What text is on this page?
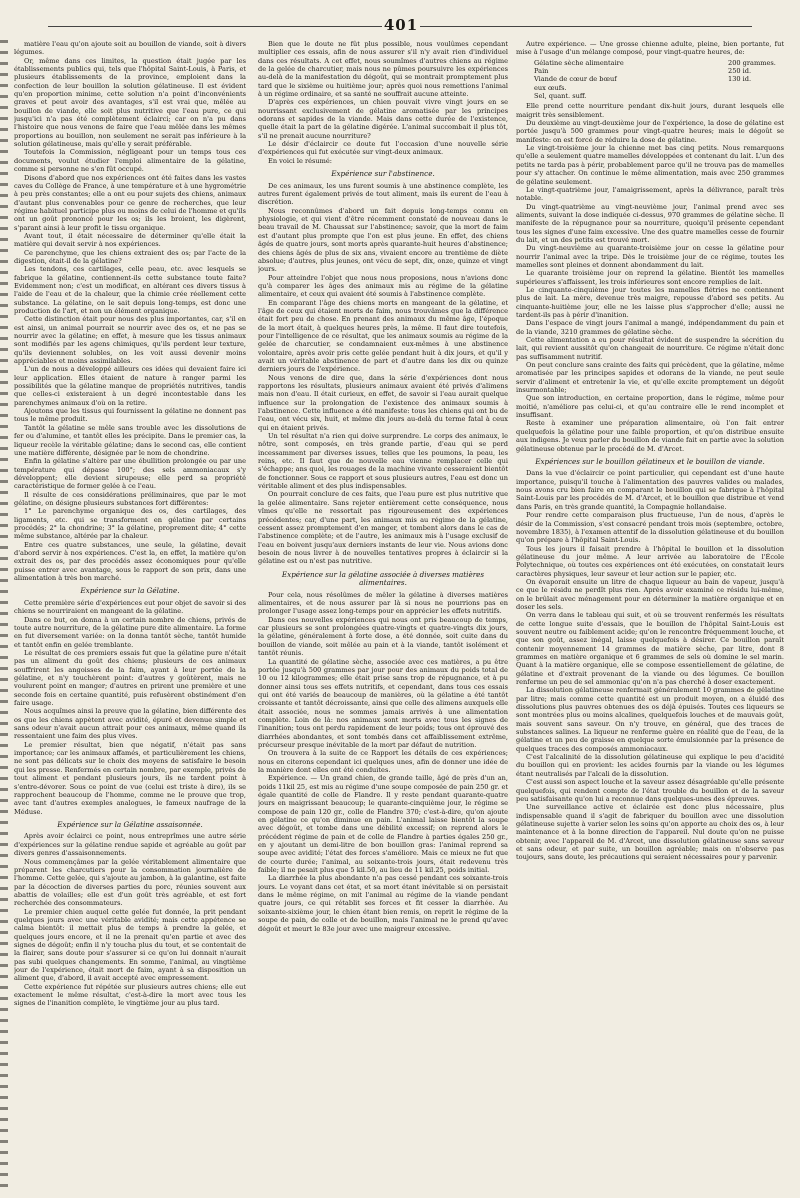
401

matière l'eau qu'on ajoute soit au bouillon de viande, soit à divers légumes.

Or, même dans ces limites, la question était jugée par les établissements publics qui, tels que l'hôpital Saint-Louis, à Paris, et plusieurs établissements de la province, emploient dans la confection de leur bouillon la solution gélatineuse. Il est évident qu'en proportion minime, cette solution n'a point d'inconvénients graves et peut avoir des avantages, s'il est vrai que, mêlée au bouillon de viande, elle soit plus nutritive que l'eau pure, ce qui jusqu'ici n'a pas été complètement éclairci; car on n'a pu dans l'histoire que nous venons de faire que l'eau mêlée dans les mêmes proportions au bouillon, non seulement ne serait pas inférieure à la solution gélatineuse, mais qu'elle y serait préférable.

Toutefois la Commission, négligeant pour un temps tous ces documents, voulut étudier l'emploi alimentaire de la gélatine, comme si personne ne s'en fût occupé.

Disons d'abord que nos expériences ont été faites dans les vastes caves du Collège de France, à une température et à une hygrométrie à peu près constantes; elle a ont eu pour sujets des chiens, animaux d'autant plus convenables pour ce genre de recherches, que leur régime habituel participe plus ou moins de celui de l'homme et qu'ils ont un goût prononcé pour les os; ils les broient, les digèrent, s'parant ainsi à leur profit le tissu organique.

Avant tout, il était nécessaire de déterminer qu'elle était la matière qui devait servir à nos expériences.

Ce parenchyme, que les chiens extraient des os; par l'acte de la digestion, était-il de la gélatine?

Les tendons, ces cartilages, celle peau, etc. avec lesquels se fabrique la gélatine, contiennent-ils cette substance toute faite? Evidemment non; c'est un modificat, en altérant ces divers tissus à l'aide de l'eau et de la chaleur, que la chimie crée réellement cette substance. La gélatine, on le sait depuis long-temps, est donc une production de l'art, et non un élément organique.

Cette distinction était pour nous des plus importantes, car, s'il en est ainsi, un animal pourrait se nourrir avec des os, et ne pas se nourrir avec la gélatine; en effet, à mesure que les tissus animaux sont modifiés par les agens chimiques, qu'ils perdent leur texture, qu'ils deviennent solubles, on les voit aussi devenir moins appréciables et moins assimilables.

L'un de nous a développé ailleurs ces idées qui devaient faire ici leur application. Elles étaient de nature à ranger parmi les possibilités que la gélatine manque de propriétés nutritives, tandis que celles-ci existeraient à un degré incontestable dans les parenchymes animaux d'où on la retire.

Ajoutons que les tissus qui fournissent la gélatine ne donnent pas tous le même produit.

Tantôt la gélatine se mêle sans trouble avec les dissolutions de fer ou d'alumine, et tantôt elles les précipite. Dans le premier cas, la liqueur recèle la véritable gélatine; dans le second cas, elle contient une matière différente, désignée par le nom de chondrine.

Enfin la gélatine s'altère par une ébullition prolongée ou par une température qui dépasse 100°; des sels ammoniacaux s'y développent; elle devient sirupeuse; elle perd sa propriété caractéristique de former gelée à ce l'eau.

Il résulte de ces considérations préliminaires, que par le mot gélatine, on désigne plusieurs substances fort différentes:

1° Le parenchyme organique des os, des cartilages, des ligaments, etc. qui se transforment en gélatine par certains procédés; 2° la chondrine; 3° la gélatine, proprement dite; 4° cette même substance, altérée par la chaleur.

Entre ces quatre substances, une seule, la gélatine, devait d'abord servir à nos expériences. C'est la, en effet, la matière qu'on extrait des os, par des procédés assez économiques pour qu'elle puisse entrer avec avantage, sous le rapport de son prix, dans une alimentation à très bon marché.

Expérience sur la Gélatine.

Cette première série d'expériences eut pour objet de savoir si des chiens se nourriraient en mangeant de la gélatine.

Dans ce but, on donna à un certain nombre de chiens, privés de toute autre nourriture, de la gélatine pure dite alimentaire. La forme en fut diversement variée: on la donna tantôt sèche, tantôt humide et tantôt enfin en gelée tremblante.

Le résultat de ces premiers essais fut que la gélatine pure n'était pas un aliment du goût des chiens; plusieurs de ces animaux souffrirent les angoisses de la faim, ayant à leur portée de la gélatine, et n'y touchèrent point: d'autres y goûtèrent, mais ne voulurent point en manger; d'autres en prirent une première et une seconde fois en certaine quantité, puis refusèrent obstinément d'en faire usage.

Nous acquîmes ainsi la preuve que la gélatine, bien différente des os que les chiens appètent avec avidité, épuré et devenue simple et sans odeur n'avait aucun attrait pour ces animaux, même quand ils ressentaient une faim des plus vives.

Le premier résultat, bien que négatif, n'était pas sans importance; car les animaux affamés, et particulièrement les chiens, ne sont pas délicats sur le choix des moyens de satisfaire le besoin qui les presse. Renfermés en certain nombre, par exemple, privés de tout aliment et pendant plusieurs jours, ils ne tardent point à s'entre-dévorer. Sous ce point de vue (celui est triste à dire), ils se rapprochent beaucoup de l'homme, comme ne le prouve que trop, avec tant d'autres exemples analogues, le fameux naufrage de la Méduse.

Expérience sur la Gélatine assaisonnée.

Après avoir éclairci ce point, nous entreprîmes une autre série d'expériences sur la gélatine rendue sapide et agréable au goût par divers genres d'assaisonnements.

Nous commençâmes par la gelée véritablement alimentaire que préparent les charcutiers pour la consommation journalière de l'homme. Cette gelée, qui s'ajoute au jambon, à la galantine, est faite par la décoction de diverses parties du porc, réunies souvent aux abattis de volailles; elle est d'un goût très agréable, et est fort recherchée des consommateurs.

Le premier chien auquel cette gelée fut donnée, la prit pendant quelques jours avec une véritable avidité; mais cette appétence se calma bientôt: il mettait plus de temps à prendre la gelée, et quelques jours encore, et il ne la prenait qu'en partie et avec des signes de dégoût; enfin il n'y toucha plus du tout, et se contentait de la flairer, sans doute pour s'assurer si ce qu'on lui donnait n'aurait pas subi quelques changements. En somme, l'animal, au vingtième jour de l'expérience, était mort de faim, ayant à sa disposition un aliment que, d'abord, il avait accepté avec empressement.

Cette expérience fut répétée sur plusieurs autres chiens; elle eut exactement le même résultat, c'est-à-dire la mort avec tous les signes de l'inanition complète, le vingtième jour au plus tard.

Bien que le doute ne fût plus possible, nous voulûmes cependant multiplier ces essais, afin de nous assurer s'il n'y avait rien d'individuel dans ces résultats. A cet effet, nous soumîmes d'autres chiens au régime de la gelée de charcutier, mais nous ne pûmes poursuivre les expériences au-delà de la manifestation du dégoût, qui se montrait promptement plus tard que le sixième ou huitième jour; après quoi nous remettions l'animal à un régime ordinaire, et sa santé ne souffrait aucune atteinte.

D'après ces expériences, un chien pouvait vivre vingt jours en se nourrissant exclusivement de gélatine aromatisée par les principes odorans et sapides de la viande. Mais dans cette durée de l'existence, quelle était la part de la gélatine digérée. L'animal succombait il plus tôt, s'il ne prenait aucune nourriture?

Le désir d'éclaircir ce doute fut l'occasion d'une nouvelle série d'expériences qui fut exécutée sur vingt-deux animaux.

En voici le résumé:

Expérience sur l'abstinence.

De ces animaux, les uns furent soumis à une abstinence complète, les autres furent également privés de tout aliment, mais ils eurent de l'eau à discrétion.

Nous reconnûmes d'abord un fait depuis long-temps connu en physiologie, et qui vient d'être récemment constaté de nouveau dans le beau travail de M. Chaussat sur l'abstinence; savoir, que la mort de faim est d'autant plus prompte que l'on est plus jeune. En effet, des chiens âgés de quatre jours, sont morts après quarante-huit heures d'abstinence; des chiens âgés de plus de six ans, vivaient encore au trentième de diète absolue; d'autres, plus jeunes, ont vécu de sept, dix, onze, quinze et vingt jours.

Pour atteindre l'objet que nous nous proposions, nous n'avions donc qu'à comparer les âges des animaux mis au régime de la gélatine alimentaire, et ceux qui avaient été soumis à l'abstinence complète.

En comparant l'âge des chiens morts en mangeant de la gélatine, et l'âge de ceux qui étaient morts de faim, nous trouvâmes que la différence était fort peu de chose. En prenant des animaux du même âge, l'époque de la mort était, à quelques heures près, la même. Il faut dire toutefois, pour l'intelligence de ce résultat, que les animaux soumis au régime de la gelée de charcutier, se condamnaient eux-mêmes à une abstinence volontaire, après avoir pris cette gelée pendant huit à dix jours, et qu'il y avait un véritable abstinence de part et d'autre dans les dix ou quinze derniers jours de l'expérience.

Nous venons de dire que, dans la série d'expériences dont nous rapportons les résultats, plusieurs animaux avaient été privés d'alimens mais non d'eau. Il était curieux, en effet, de savoir si l'eau aurait quelque influence sur la prolongation de l'existence des animaux soumis à l'abstinence. Cette influence a été manifeste: tous les chiens qui ont bu de l'eau, ont vécu six, huit, et même dix jours au-delà du terme fatal à ceux qui en étaient privés.

Un tel résultat n'a rien qui doive surprendre. Le corps des animaux, le nôtre, sont composés, en très grande partie, d'eau qui se perd incessamment par diverses issues, telles que les poumons, la peau, les reins, etc. Il faut que de nouvelle eau vienne remplacer celle qui s'échappe; ans quoi, les rouages de la machine vivante cesseraient bientôt de fonctionner. Sous ce rapport et sous plusieurs autres, l'eau est donc un véritable aliment et des plus indispensables.

On pourrait conclure de ces faits, que l'eau pure est plus nutritive que la gelée alimentaire. Sans rejeter entièrement cette conséquence, nous vîmes qu'elle ne ressortait pas rigoureusement des expériences précédentes; car, d'une part, les animaux mis au régime de la gélatine, cessent assez promptement d'en manger, et tombent alors dans le cas de l'abstinence complète; et de l'autre, les animaux mis à l'usage exclusif de l'eau en boivent jusqu'aux derniers instants de leur vie. Nous avions donc besoin de nous livrer à de nouvelles tentatives propres à éclaircir si la gélatine est ou n'est pas nutritive.

Expérience sur la gélatine associée à diverses matières alimentaires.

Pour cela, nous résolûmes de mêler la gélatine à diverses matières alimentaires, et de nous assurer par là si nous ne pourrions pas en prolonger l'usage assez long-temps pour en apprécier les effets nutritifs.

Dans ces nouvelles expériences qui nous ont pris beaucoup de temps, car plusieurs se sont prolongées quatre-vingts et quatre-vingts dix jours, la gélatine, généralement à forte dose, a été donnée, soit cuite dans du bouillon de viande, soit mêlée au pain et à la viande, tantôt isolément et tantôt réunis.

La quantité de gélatine sèche, associée avec ces matières, a pu être portée jusqu'à 500 grammes par jour pour des animaux du poids total de 10 ou 12 kilogrammes; elle était prise sans trop de répugnance, et à pu donner ainsi tous ses effets nutritifs, et cependant, dans tous ces essais qui ont été variés de beaucoup de manières, où la gélatine a été tantôt croissante et tantôt décroissante, ainsi que celle des alimens auxquels elle était associée, nous ne sommes jamais arrivés à une alimentation complète. Loin de là: nos animaux sont morts avec tous les signes de l'inanition; tous ont perdu rapidement de leur poids; tous ont éprouvé des diarrhées abondantes, et sont tombés dans cet affaiblissement extrême, précurseur presque inévitable de la mort par défaut de nutrition.

On trouvera à la suite de ce Rapport les détails de ces expériences; nous en citerons cependant ici quelques unes, afin de donner une idée de la manière dont elles ont été conduites.

Expérience. — Un grand chien, de grande taille, âgé de près d'un an, poids 11kil 25, est mis au régime d'une soupe composée de pain 250 gr. et égale quantité de colle de Flandre. Il y reste pendant quarante-quatre jours en maigrissant beaucoup; le quarante-cinquième jour, le régime se compose de pain 120 gr., colle de Flandre 370; c'est-à-dire, qu'on ajoute en gélatine ce qu'on diminue en pain. L'animal laisse bientôt la soupe avec dégoût, et tombe dans une débilité excessif; on reprend alors le précédent régime de pain et de colle de Flandre à parties égales 250 gr., en y ajoutant un demi-litre de bon bouillon gras: l'animal reprend sa soupe avec avidité; l'état des forces s'améliore. Mais ce mieux ne fut que de courte durée; l'animal, au soixante-trois jours, était redevenu très faible; il ne pesait plus que 5 kil.50, au lieu de 11 kil.25, poids initial.

La diarrhée la plus abondante n'a pas cessé pendant ces soixante-trois jours. Le voyant dans cet état, et sa mort étant inévitable si on persistait dans le même régime, on mit l'animal au régime de la viande pendant quatre jours, ce qui rétablit ses forces et fit cesser la diarrhée. Au soixante-sixième jour, le chien étant bien remis, on reprit le régime de la soupe de pain, de colle et de bouillon, mais l'animal ne le prend qu'avec dégoût et meurt le 83e jour avec une maigreur excessive.

Autre expérience. — Une grosse chienne adulte, pleine, bien portante, fut mise à l'usage d'un mélange composé, pour vingt-quatre heures, de:

Gélatine sèche alimentaire	200 grammes.
Pain	250 id.
Viande de cœur de bœuf	130 id.
eux œufs.
Sel, quant. suff.

Elle prend cette nourriture pendant dix-huit jours, durant lesquels elle maigrit très sensiblement.

Du deuxième au vingt-deuxième jour de l'expérience, la dose de gélatine est portée jusqu'à 500 grammes pour vingt-quatre heures; mais le dégoût se manifeste: on est forcé de réduire la dose de gélatine.

Le vingt-troisième jour la chienne met bas cinq petits. Nous remarquons qu'elle a seulement quatre mamelles développées et contenant du lait. L'un des petits ne tarda pas à périr, probablement parce qu'il ne trouva pas de mamelles pour s'y attacher. On continue le même alimentation, mais avec 250 grammes de gélatine seulement.

Le vingt-quatrième jour, l'amaigrissement, après la délivrance, paraît très notable.

Du vingt-quatrième au vingt-neuvième jour, l'animal prend avec ses aliments, suivant la dose indiquée ci-dessus, 970 grammes de gélatine sèche. Il manifeste de la répugnance pour sa nourriture, quoiqu'il présente cependant tous les signes d'une faim excessive. Une des quatre mamelles cesse de fournir du lait, et un des petits est trouvé mort.

Du vingt-neuvième au quarante-troisième jour on cesse la gélatine pour nourrir l'animal avec la tripe. Dès le troisième jour de ce régime, toutes les mamelles sont pleines et donnent abondamment du lait.

Le quarante troisième jour on reprend la gélatine. Bientôt les mamelles supérieures s'affaissent, les trois inférieures sont encore remplies de lait.

Le cinquante-cinquième jour toutes les mamelles flétries ne contiennent plus de lait. La mère, devenue très maigre, repousse d'abord ses petits. Au cinquante-huitième jour, elle ne les laisse plus s'approcher d'elle; aussi ne tardent-ils pas à périr d'inanition.

Dans l'espace de vingt jours l'animal a mangé, indépendamment du pain et de la viande, 3210 grammes de gélatine sèche.

Cette alimentation a eu pour résultat évident de suspendre la sécrétion du lait, qui revient aussitôt qu'on changeait de nourriture. Ce régime n'était donc pas suffisamment nutritif.

On peut conclure sans crainte des faits qui précèdent, que la gélatine, même aromatisée par les principes sapides et odorans de la viande, ne peut seule servir d'aliment et entretenir la vie, et qu'elle excite promptement un dégoût insurmontable;

Que son introduction, en certaine proportion, dans le régime, même pour moitié, n'améliore pas celui-ci, et qu'au contraire elle le rend incomplet et insuffisant.

Reste à examiner une préparation alimentaire, où l'on fait entrer quelquefois la gélatine pour une faible proportion, et qu'on distribue ensuite aux indigens. Je veux parler du bouillon de viande fait en partie avec la solution gélatineuse obtenue par le procédé de M. d'Arcet.

Expériences sur le bouillon gélatineux et le bouillon de viande.

Dans la vue d'éclaircir ce point particulier, qui cependant est d'une haute importance, puisqu'il touche à l'alimentation des pauvres valides ou malades, nous avons cru bien faire en comparant le bouillon qui se fabrique à l'hôpital Saint-Louis par les procédés de M. d'Arcet, et le bouillon que distribue et vend dans Paris, en très grande quantité, la Compagnie hollandaise.

Pour rendre cette comparaison plus fructueuse, l'un de nous, d'après le désir de la Commission, s'est consacré pendant trois mois (septembre, octobre, novembre 1835), à l'examen attentif de la dissolution gélatineuse et du bouillon qu'on prépare à l'hôpital Saint-Louis.

Tous les jours il faisait prendre à l'hôpital le bouillon et la dissolution gélatineuse du jour même. A leur arrivée au laboratoire de l'École Polytechnique, où toutes ces expériences ont été exécutées, on constatait leurs caractères physiques, leur saveur et leur action sur le papier, etc.

On évaporait ensuite un litre de chaque liqueur au bain de vapeur, jusqu'à ce que le résidu ne perdît plus rien. Après avoir examiné ce résidu lui-même, on le brûlait avec ménagement pour en déterminer la matière organique et en doser les sels.

On verra dans le tableau qui suit, et où se trouvent renfermés les résultats de cette longue suite d'essais, que le bouillon de l'hôpital Saint-Louis est souvent neutre ou faiblement acide; qu'on le rencontre fréquemment louche, et que son goût, assez inégal, laisse quelquefois à désirer. Ce bouillon paraît contenir moyennement 14 grammes de matière sèche, par litre, dont 8 grammes en matière organique et 6 grammes de sels où domine le sel marin. Quant à la matière organique, elle se compose essentiellement de gélatine, de gélatine et d'extrait provenant de la viande ou des légumes. Ce bouillon renferme un peu de sel ammoniac qu'on n'a pas cherché à doser exactement.

La dissolution gélatineuse renfermait généralement 10 grammes de gélatine par litre; mais comme cette quantité est un produit moyen, on a éluidé des dissolutions plus pauvres obtenues des os déjà épuisés. Toutes ces liqueurs se sont montrées plus ou moins alcalines, quelquefois louches et de mauvais goût, mais souvent sans saveur. On n'y trouve, en général, que des traces de substances salines. La liqueur ne renferme guère en réalité que de l'eau, de la gélatine et un peu de graisse en quelque sorte émulsionnée par la présence de quelques traces des composés ammoniacaux.

C'est l'alcalinité de la dissolution gélatineuse qui explique le peu d'acidité du bouillon qui en provient: les acides fournis par la viande ou les légumes étant neutralisés par l'alcali de la dissolution.

C'est aussi son aspect louche et la saveur assez désagréable qu'elle présente quelquefois, qui rendent compte de l'état trouble du bouillon et de la saveur peu satisfaisante qu'on lui a reconnue dans quelques-unes des épreuves.

Une surveillance active et éclairée est donc plus nécessaire, plus indispensable quand il s'agit de fabriquer du bouillon avec une dissolution gélatineuse sujette à varier selon les soins qu'on apporte au choix des os, à leur maintenance et à la bonne direction de l'appareil. Nul doute qu'on ne puisse obtenir, avec l'appareil de M. d'Arcet, une dissolution gélatineuse sans saveur et sans odeur, et par suite, un bouillon agréable; mais on n'observe pas toujours, sans doute, les précautions qui seraient nécessaires pour y parvenir.
